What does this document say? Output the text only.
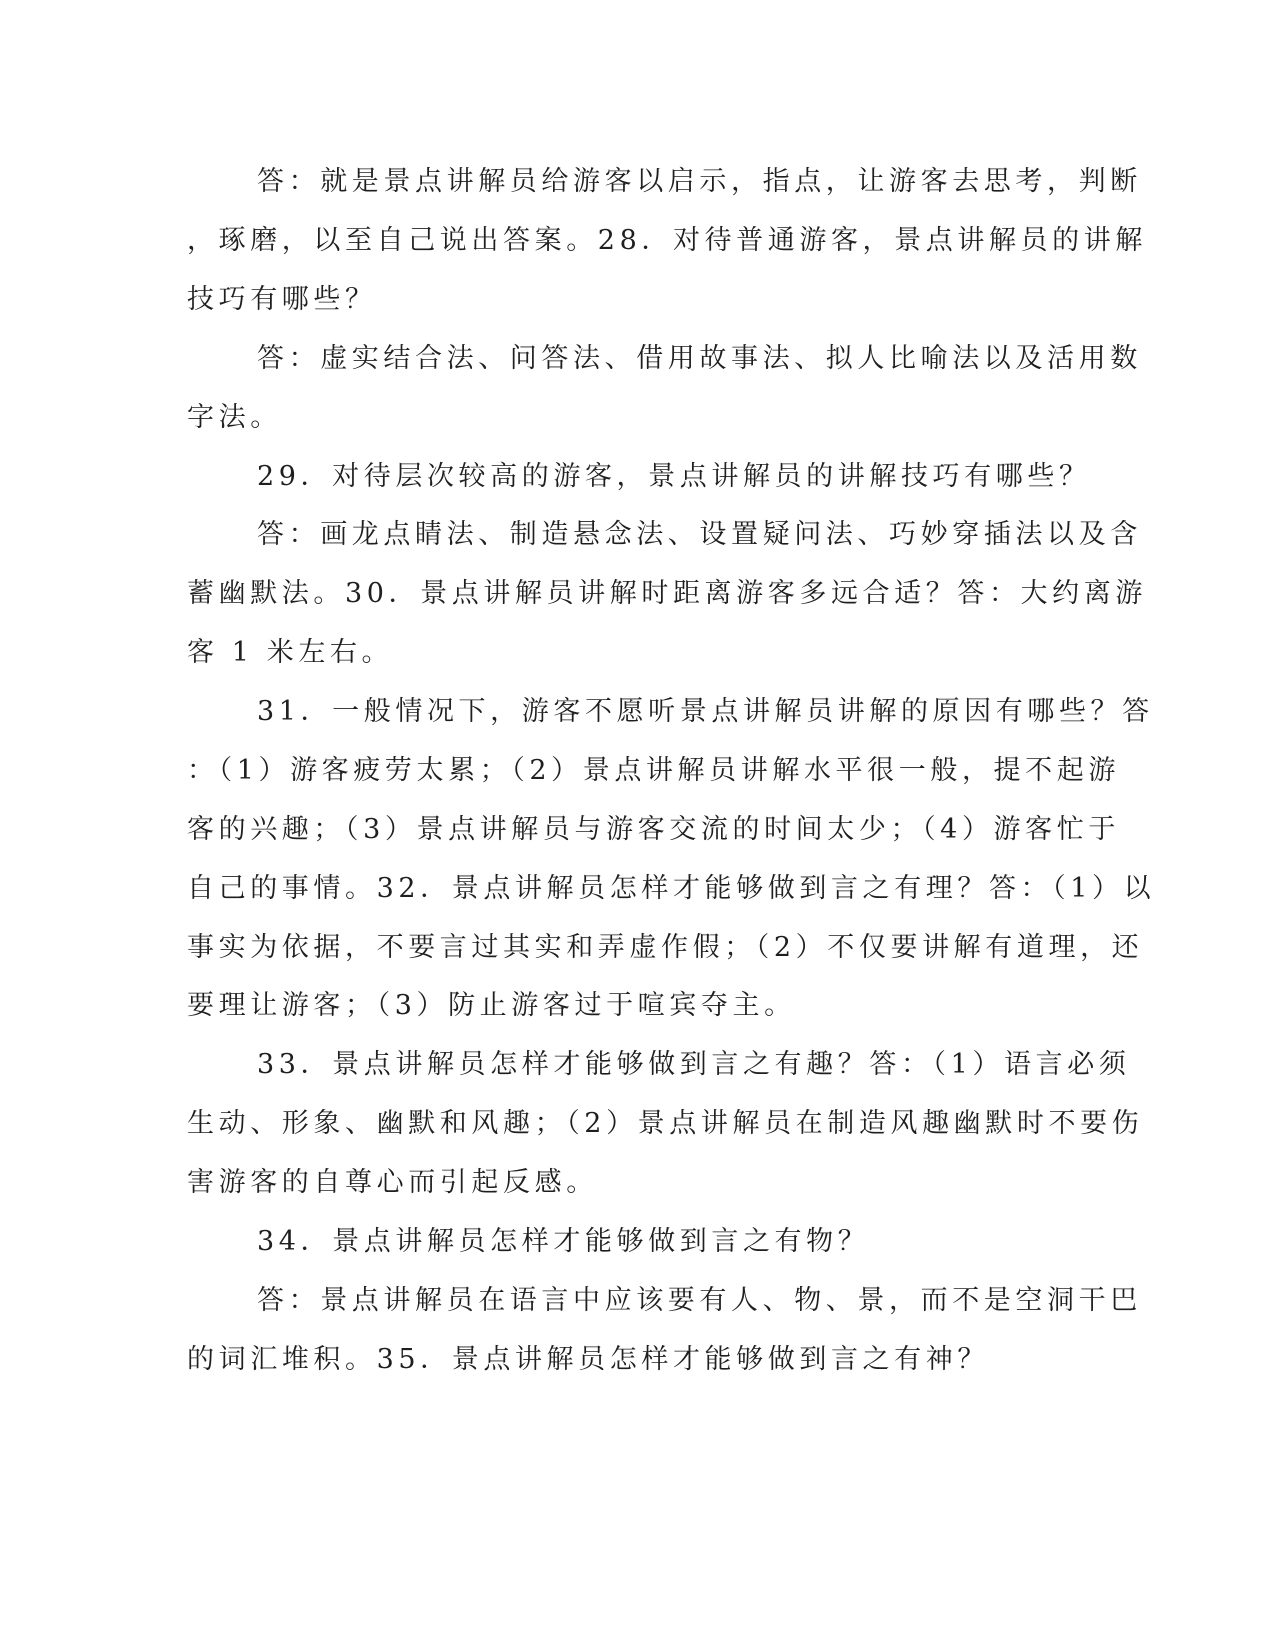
答：就是景点讲解员给游客以启示，指点，让游客去思考，判断

，琢磨，以至自己说出答案。28．对待普通游客，景点讲解员的讲解

技巧有哪些？

答：虚实结合法、问答法、借用故事法、拟人比喻法以及活用数

字法。

29．对待层次较高的游客，景点讲解员的讲解技巧有哪些？

答：画龙点睛法、制造悬念法、设置疑问法、巧妙穿插法以及含

蓄幽默法。30．景点讲解员讲解时距离游客多远合适？答：大约离游

客 1 米左右。

31．一般情况下，游客不愿听景点讲解员讲解的原因有哪些？答

：（1）游客疲劳太累；（2）景点讲解员讲解水平很一般，提不起游

客的兴趣；（3）景点讲解员与游客交流的时间太少；（4）游客忙于

自己的事情。32．景点讲解员怎样才能够做到言之有理？答：（1）以

事实为依据，不要言过其实和弄虚作假；（2）不仅要讲解有道理，还

要理让游客；（3）防止游客过于喧宾夺主。

33．景点讲解员怎样才能够做到言之有趣？答：（1）语言必须

生动、形象、幽默和风趣；（2）景点讲解员在制造风趣幽默时不要伤

害游客的自尊心而引起反感。

34．景点讲解员怎样才能够做到言之有物？

答：景点讲解员在语言中应该要有人、物、景，而不是空洞干巴

的词汇堆积。35．景点讲解员怎样才能够做到言之有神？
